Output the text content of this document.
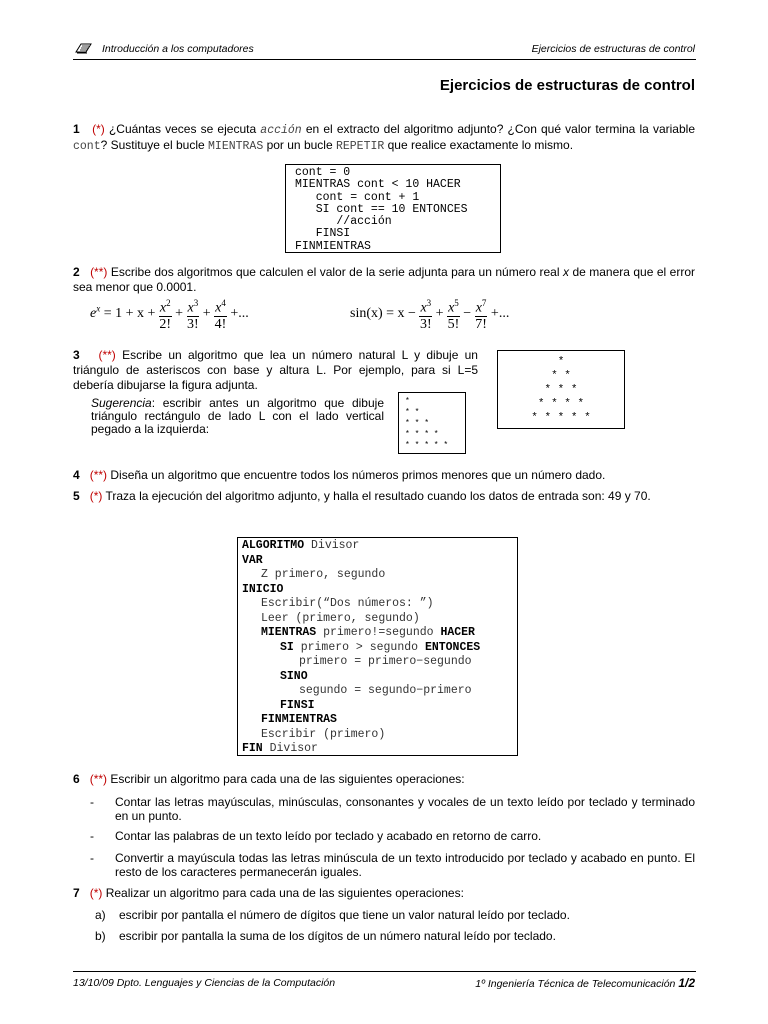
Introducción a los computadores	Ejercicios de estructuras de control
Ejercicios de estructuras de control
1 (*) ¿Cuántas veces se ejecuta acción en el extracto del algoritmo adjunto? ¿Con qué valor termina la variable cont? Sustituye el bucle MIENTRAS por un bucle REPETIR que realice exactamente lo mismo.
cont = 0
MIENTRAS cont < 10 HACER
cont = cont + 1
SI cont == 10 ENTONCES
//acción
FINSI
FINMIENTRAS
2 (**) Escribe dos algoritmos que calculen el valor de la serie adjunta para un número real x de manera que el error sea menor que 0.0001.
$e^x = 1 + x + \frac{x^2}{2!} + \frac{x^3}{3!} + \frac{x^4}{4!}$ +...	$\sin(x) = x - \frac{x^3}{3!} + \frac{x^5}{5!} - \frac{x^7}{7!}$ +...
3 (**) Escribe un algoritmo que lea un número natural L y dibuje un triángulo de asteriscos con base y altura L. Por ejemplo, para si L=5 debería dibujarse la figura adjunta.
Sugerencia: escribir antes un algoritmo que dibuje triángulo rectángulo de lado L con el lado vertical pegado a la izquierda:
*
* *
* * *
* * * *
* * * * *
*
* *
* * *
* * * *
* * * * *
4 (**) Diseña un algoritmo que encuentre todos los números primos menores que un número dado.
5 (*) Traza la ejecución del algoritmo adjunto, y halla el resultado cuando los datos de entrada son: 49 y 70.
ALGORITMO Divisor
VAR
Z primero, segundo
INICIO
Escribir(“Dos números: ”)
Leer (primero, segundo)
MIENTRAS primero!=segundo HACER
SI primero > segundo ENTONCES
primero = primero−segundo
SINO
segundo = segundo−primero
FINSI
FINMIENTRAS
Escribir (primero)
FIN Divisor
6 (**) Escribir un algoritmo para cada una de las siguientes operaciones:
- Contar las letras mayúsculas, minúsculas, consonantes y vocales de un texto leído por teclado y terminado en un punto.
- Contar las palabras de un texto leído por teclado y acabado en retorno de carro.
- Convertir a mayúscula todas las letras minúscula de un texto introducido por teclado y acabado en punto. El resto de los caracteres permanecerán iguales.
7 (*) Realizar un algoritmo para cada una de las siguientes operaciones:
a) escribir por pantalla el número de dígitos que tiene un valor natural leído por teclado.
b) escribir por pantalla la suma de los dígitos de un número natural leído por teclado.
13/10/09 Dpto. Lenguajes y Ciencias de la Computación	1º Ingeniería Técnica de Telecomunicación 1/2
